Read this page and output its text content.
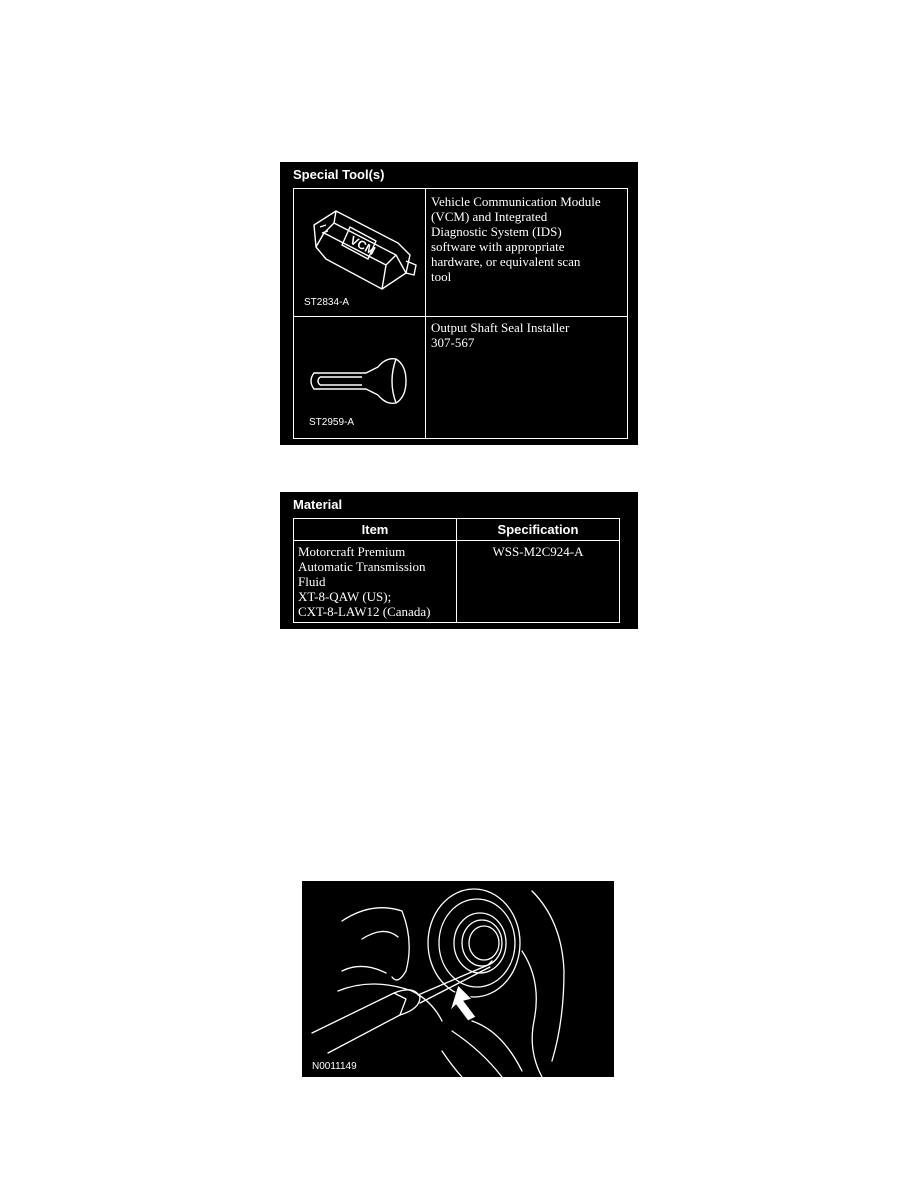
Special Tool(s)
VCM
ST2834-A
Vehicle Communication Module
(VCM) and Integrated
Diagnostic System (IDS)
software with appropriate
hardware, or equivalent scan
tool
ST2959-A
Output Shaft Seal Installer
307-567
Material
Item	Specification
Motorcraft Premium
Automatic Transmission
Fluid
XT-8-QAW (US);
CXT-8-LAW12 (Canada)
WSS-M2C924-A
N0011149
